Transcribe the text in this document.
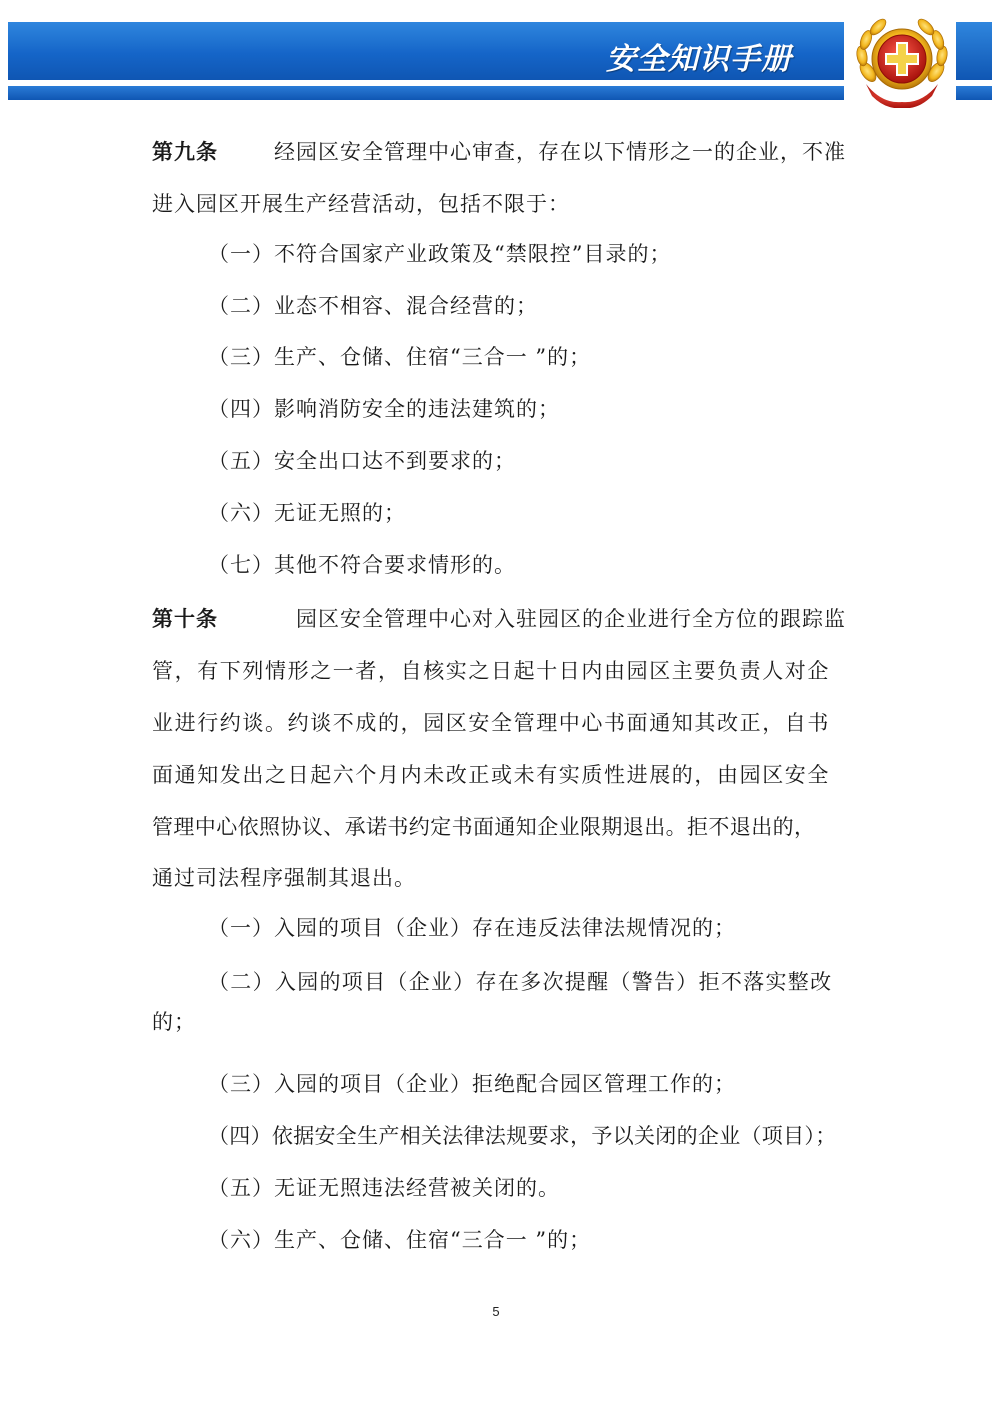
安全知识手册
第九条	经园区安全管理中心审查，存在以下情形之一的企业，不准
进入园区开展生产经营活动，包括不限于：
（一）不符合国家产业政策及“禁限控”目录的；
（二）业态不相容、混合经营的；
（三）生产、仓储、住宿“三合一 ”的；
（四）影响消防安全的违法建筑的；
（五）安全出口达不到要求的；
（六）无证无照的；
（七）其他不符合要求情形的。
第十条	园区安全管理中心对入驻园区的企业进行全方位的跟踪监
管，有下列情形之一者，自核实之日起十日内由园区主要负责人对企
业进行约谈。约谈不成的，园区安全管理中心书面通知其改正，自书
面通知发出之日起六个月内未改正或未有实质性进展的，由园区安全
管理中心依照协议、承诺书约定书面通知企业限期退出。拒不退出的，
通过司法程序强制其退出。
（一）入园的项目（企业）存在违反法律法规情况的；
（二）入园的项目（企业）存在多次提醒（警告）拒不落实整改
的；
（三）入园的项目（企业）拒绝配合园区管理工作的；
（四）依据安全生产相关法律法规要求，予以关闭的企业（项目）；
（五）无证无照违法经营被关闭的。
（六）生产、仓储、住宿“三合一 ”的；
5
